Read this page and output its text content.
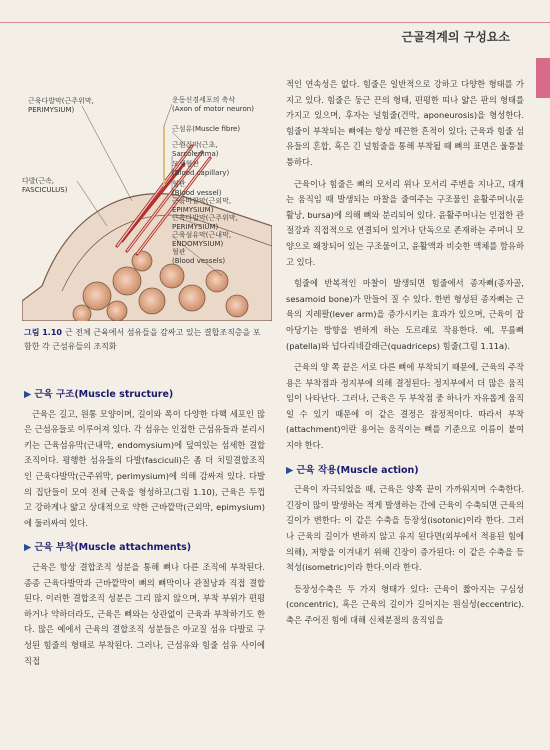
근골격계의 구성요소
근육다발막(근주위막,
PERIMYSIUM)
다발(근속,
FASCICULUS)
운동신경세포의 축삭
(Axon of motor neuron)
근섬유(Muscle fibre)
근원질막(근초,
Sarcolemma)
모세혈관
(Blood capillary)
혈관
(Blood vessel)
근육바깥막(근외막,
EPIMYSIUM)
근육다발막(근주위막,
PERIMYSIUM)
근육섬유막(근내막,
ENDOMYSIUM)
혈관
(Blood vessels)
그림 1.10 근 전체 근육에서 섬유들을 감싸고 있는 결합조직층을 포함한 각 근섬유들의 조직화
▶ 근육 구조(Muscle structure)

근육은 길고, 원통 모양이며, 길이와 폭이 다양한 다핵 세포인 많은 근섬유들로 이루어져 있다. 각 섬유는 인접한 근섬유들과 분리시키는 근육섬유막(근내막, endomysium)에 덮여있는 섬세한 결합조직이다. 평행한 섬유들의 다발(fasciculi)은 좀 더 치밀결합조직인 근육다발막(근주위막, perimysium)에 의해 감싸져 있다. 다발의 집단들이 모여 전체 근육을 형성하고(그림 1.10), 근육은 두껍고 강하게나 얇고 상대적으로 약한 근바깥막(근외막, epimysium)에 둘러싸여 있다.

▶ 근육 부착(Muscle attachments)

근육은 항상 결합조직 성분을 통해 뼈나 다른 조직에 부착된다. 종종 근육다발막과 근바깥막이 뼈의 뼈막이나 관절낭과 직접 결합된다. 이러한 결합조직 성분은 그리 많지 않으며, 부착 부위가 편평하거나 약하더라도, 근육은 뼈와는 상관없이 근육과 부착하기도 한다. 많은 예에서 근육의 결합조직 성분들은 아교질 섬유 다발로 구성된 힘줄의 형태로 부착된다. 그러나, 근섬유와 힘줄 섬유 사이에 직접

적인 연속성은 없다. 힘줄은 일반적으로 강하고 다양한 형태를 가지고 있다. 힘줄은 둥근 끈의 형태, 편평한 띠나 얇은 판의 형태를 가지고 있으며, 후자는 널힘줄(건막, aponeurosis)을 형성한다. 힘줄이 부착되는 뼈에는 항상 매끈한 흔적이 있다; 근육과 힘줄 섬유들의 혼합, 혹은 긴 널힘줄을 통해 부착될 때 뼈의 표면은 울퉁불퉁하다.

근육이나 힘줄은 뼈의 모서리 위나 모서리 주변을 지나고, 대개는 움직임 때 발생되는 마찰을 줄여주는 구조물인 윤활주머니(윤활낭, bursa)에 의해 뼈와 분리되어 있다. 윤활주머니는 인접한 관절강과 직접적으로 연결되어 있거나 단독으로 존재하는 주머니 모양으로 왜창되어 있는 구조물이고, 윤활액과 비슷한 액체를 함유하고 있다.

힘줄에 반복적인 마찰이 발생되면 힘줄에서 종자뼈(종자골, sesamoid bone)가 만들어 질 수 있다. 한번 형성된 종자뼈는 근육의 지레팔(lever arm)을 증가시키는 효과가 있으며, 근육이 잡아당기는 방향을 변하게 하는 도르래로 작용한다. 예, 무릎뼈(patella)와 넙다리네갈래근(quadriceps) 힘줄(그림 1.11a).

근육의 양 쪽 끝은 서로 다른 뼈에 부착되기 때문에, 근육의 주작용은 부착점과 정지부에 의해 결정된다: 정지부에서 더 많은 움직임이 나타난다. 그러나, 근육은 두 부착점 중 하나가 자유롭게 움직일 수 있기 때문에 이 같은 결정은 잠정적이다. 따라서 부착(attachment)이란 용어는 움직이는 뼈를 기준으로 이름이 붙여지야 한다.

▶ 근육 작용(Muscle action)

근육이 자극되었을 때, 근육은 양쪽 끝이 가까워지며 수축한다. 긴장이 많이 발생하는 적게 발생하는 간에 근육이 수축되면 근육의 길이가 변한다: 이 같은 수축을 등장성(isotonic)이라 한다. 그러나 근육의 길이가 변하지 않고 유지 된다면(외부에서 적용된 힘에 의해), 저항을 이겨내기 위해 긴장이 증가된다: 이 같은 수축을 등척성(isometric)이라 한다.이라 한다.

등장성수축은 두 가지 형태가 있다: 근육이 짧아지는 구심성(concentric), 혹은 근육의 길이가 길어지는 원심성(eccentric). 축은 주어진 힘에 대해 신체분절의 움직임을
